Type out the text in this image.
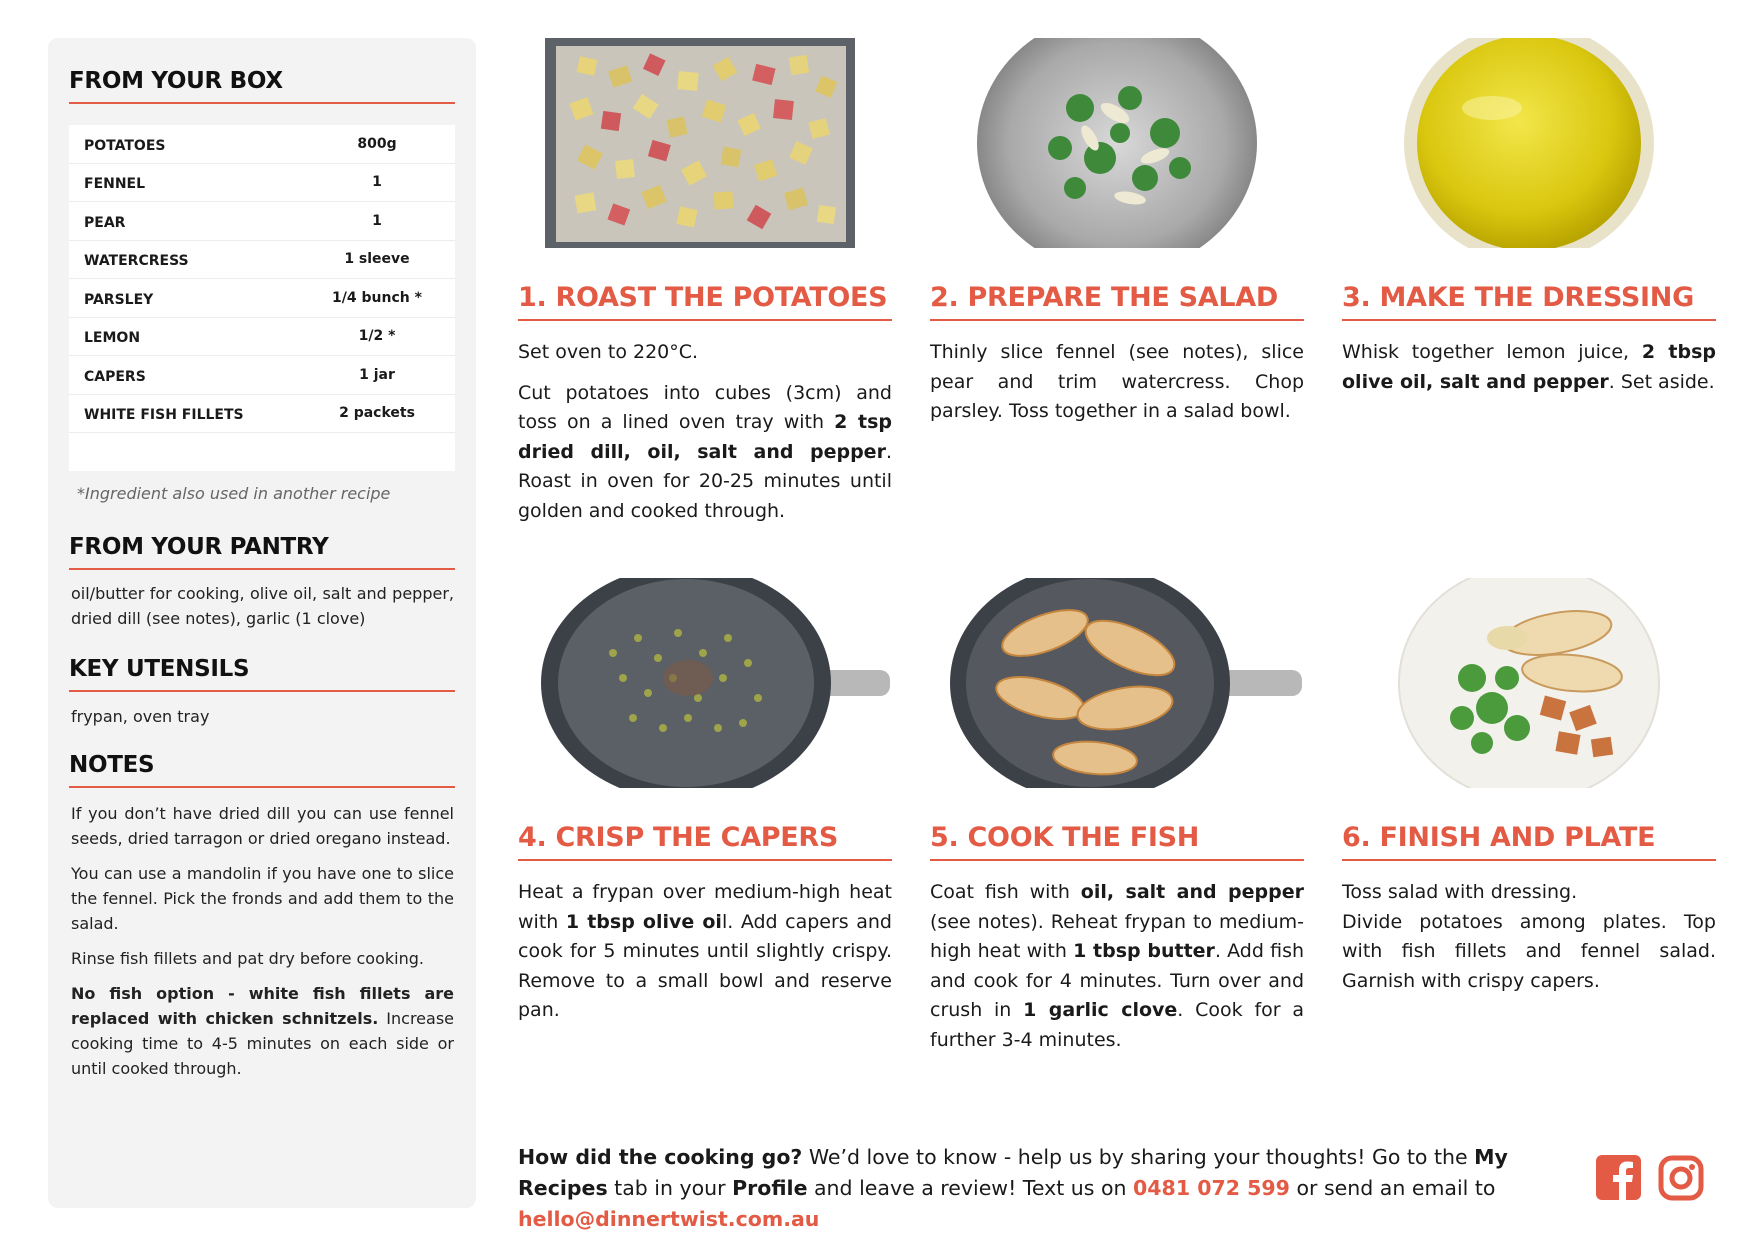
FROM YOUR BOX
POTATOES	800g
FENNEL	1
PEAR	1
WATERCRESS	1 sleeve
PARSLEY	1/4 bunch *
LEMON	1/2 *
CAPERS	1 jar
WHITE FISH FILLETS	2 packets
*Ingredient also used in another recipe
FROM YOUR PANTRY
oil/butter for cooking, olive oil, salt and pepper, dried dill (see notes), garlic (1 clove)
KEY UTENSILS
frypan, oven tray
NOTES

If you don’t have dried dill you can use fennel seeds, dried tarragon or dried oregano instead.

You can use a mandolin if you have one to slice the fennel. Pick the fronds and add them to the salad.

Rinse fish fillets and pat dry before cooking.

No fish option - white fish fillets are replaced with chicken schnitzels. Increase cooking time to 4-5 minutes on each side or until cooked through.

1. ROAST THE POTATOES

Set oven to 220°C.

Cut potatoes into cubes (3cm) and toss on a lined oven tray with 2 tsp dried dill, oil, salt and pepper. Roast in oven for 20-25 minutes until golden and cooked through.

2. PREPARE THE SALAD

Thinly slice fennel (see notes), slice pear and trim watercress. Chop parsley. Toss together in a salad bowl.

3. MAKE THE DRESSING

Whisk together lemon juice, 2 tbsp olive oil, salt and pepper. Set aside.

4. CRISP THE CAPERS

Heat a frypan over medium-high heat with 1 tbsp olive oil. Add capers and cook for 5 minutes until slightly crispy. Remove to a small bowl and reserve pan.

5. COOK THE FISH

Coat fish with oil, salt and pepper (see notes). Reheat frypan to medium-high heat with 1 tbsp butter. Add fish and cook for 4 minutes. Turn over and crush in 1 garlic clove. Cook for a further 3-4 minutes.

6. FINISH AND PLATE
Toss salad with dressing.
Divide potatoes among plates. Top with fish fillets and fennel salad. Garnish with crispy capers.
How did the cooking go? We’d love to know - help us by sharing your thoughts! Go to the My Recipes tab in your Profile and leave a review! Text us on 0481 072 599 or send an email to hello@dinnertwist.com.au
